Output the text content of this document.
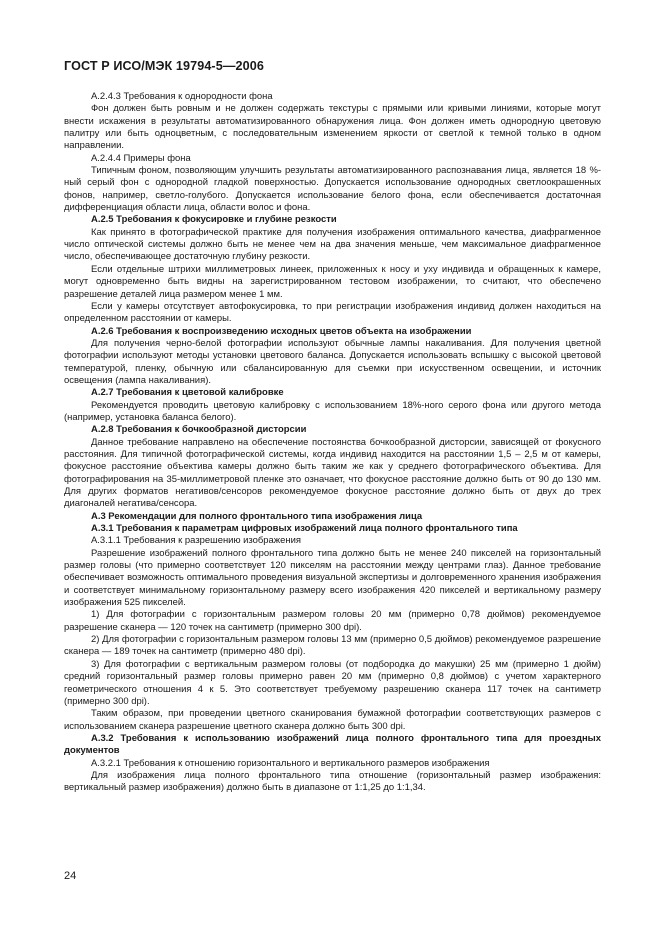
ГОСТ Р ИСО/МЭК 19794-5—2006

А.2.4.3 Требования к однородности фона

Фон должен быть ровным и не должен содержать текстуры с прямыми или кривыми линиями, которые могут внести искажения в результаты автоматизированного обнаружения лица. Фон должен иметь однородную цветовую палитру или быть одноцветным, с последовательным изменением яркости от светлой к темной только в одном направлении.

А.2.4.4 Примеры фона

Типичным фоном, позволяющим улучшить результаты автоматизированного распознавания лица, является 18 %-ный серый фон с однородной гладкой поверхностью. Допускается использование однородных светлоокрашенных фонов, например, светло-голубого. Допускается использование белого фона, если обеспечивается достаточная дифференциация области лица, области волос и фона.

А.2.5 Требования к фокусировке и глубине резкости

Как принято в фотографической практике для получения изображения оптимального качества, диафрагменное число оптической системы должно быть не менее чем на два значения меньше, чем максимальное диафрагменное число, обеспечивающее достаточную глубину резкости.

Если отдельные штрихи миллиметровых линеек, приложенных к носу и уху индивида и обращенных к камере, могут одновременно быть видны на зарегистрированном тестовом изображении, то считают, что обеспечено разрешение деталей лица размером менее 1 мм.

Если у камеры отсутствует автофокусировка, то при регистрации изображения индивид должен находиться на определенном расстоянии от камеры.

А.2.6 Требования к воспроизведению исходных цветов объекта на изображении

Для получения черно-белой фотографии используют обычные лампы накаливания. Для получения цветной фотографии используют методы установки цветового баланса. Допускается использовать вспышку с высокой цветовой температурой, пленку, обычную или сбалансированную для съемки при искусственном освещении, и источник освещения (лампа накаливания).

А.2.7 Требования к цветовой калибровке

Рекомендуется проводить цветовую калибровку с использованием 18%-ного серого фона или другого метода (например, установка баланса белого).

А.2.8 Требования к бочкообразной дисторсии

Данное требование направлено на обеспечение постоянства бочкообразной дисторсии, зависящей от фокусного расстояния. Для типичной фотографической системы, когда индивид находится на расстоянии 1,5 – 2,5 м от камеры, фокусное расстояние объектива камеры должно быть таким же как у среднего фотографического объектива. Для фотографирования на 35-миллиметровой пленке это означает, что фокусное расстояние должно быть от 90 до 130 мм. Для других форматов негативов/сенсоров рекомендуемое фокусное расстояние должно быть от двух до трех диагоналей негатива/сенсора.

А.3 Рекомендации для полного фронтального типа изображения лица

А.3.1 Требования к параметрам цифровых изображений лица полного фронтального типа

А.3.1.1 Требования к разрешению изображения

Разрешение изображений полного фронтального типа должно быть не менее 240 пикселей на горизонтальный размер головы (что примерно соответствует 120 пикселям на расстоянии между центрами глаз). Данное требование обеспечивает возможность оптимального проведения визуальной экспертизы и долговременного хранения изображения и соответствует минимальному горизонтальному размеру всего изображения 420 пикселей и вертикальному размеру изображения 525 пикселей.

1) Для фотографии с горизонтальным размером головы 20 мм (примерно 0,78 дюймов) рекомендуемое разрешение сканера — 120 точек на сантиметр (примерно 300 dpi).

2) Для фотографии с горизонтальным размером головы 13 мм (примерно 0,5 дюймов) рекомендуемое разрешение сканера — 189 точек на сантиметр (примерно 480 dpi).

3) Для фотографии с вертикальным размером головы (от подбородка до макушки) 25 мм (примерно 1 дюйм) средний горизонтальный размер головы примерно равен 20 мм (примерно 0,8 дюймов) с учетом характерного геометрического отношения 4 к 5. Это соответствует требуемому разрешению сканера 117 точек на сантиметр (примерно 300 dpi).

Таким образом, при проведении цветного сканирования бумажной фотографии соответствующих размеров с использованием сканера разрешение цветного сканера должно быть 300 dpi.

А.3.2 Требования к использованию изображений лица полного фронтального типа для проездных документов

А.3.2.1 Требования к отношению горизонтального и вертикального размеров изображения

Для изображения лица полного фронтального типа отношение (горизонтальный размер изображения: вертикальный размер изображения) должно быть в диапазоне от 1:1,25 до 1:1,34.

24
